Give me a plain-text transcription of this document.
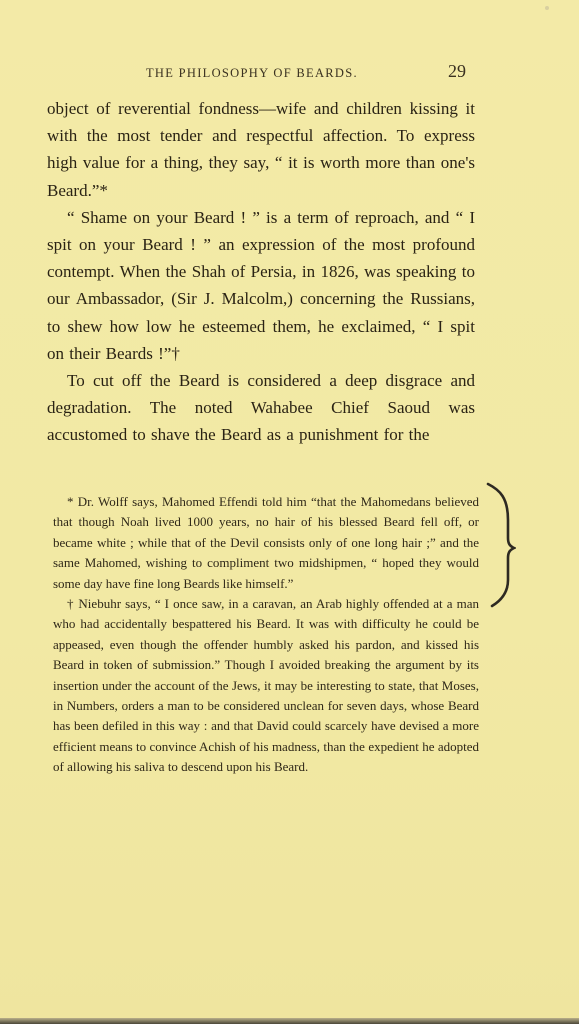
THE PHILOSOPHY OF BEARDS.	29

object of reverential fondness—wife and children kissing it with the most tender and respectful affection. To express high value for a thing, they say, “ it is worth more than one's Beard.”*

“ Shame on your Beard ! ” is a term of reproach, and “ I spit on your Beard ! ” an expression of the most profound contempt. When the Shah of Persia, in 1826, was speaking to our Ambassador, (Sir J. Malcolm,) concerning the Russians, to shew how low he esteemed them, he exclaimed, “ I spit on their Beards !”†

To cut off the Beard is considered a deep disgrace and degradation. The noted Wahabee Chief Saoud was accustomed to shave the Beard as a punishment for the

* Dr. Wolff says, Mahomed Effendi told him “that the Mahomedans believed that though Noah lived 1000 years, no hair of his blessed Beard fell off, or became white ; while that of the Devil consists only of one long hair ;” and the same Mahomed, wishing to compliment two midshipmen, “ hoped they would some day have fine long Beards like himself.”

† Niebuhr says, “ I once saw, in a caravan, an Arab highly offended at a man who had accidentally bespattered his Beard. It was with difficulty he could be appeased, even though the offender humbly asked his pardon, and kissed his Beard in token of submission.” Though I avoided breaking the argument by its insertion under the account of the Jews, it may be interesting to state, that Moses, in Numbers, orders a man to be considered unclean for seven days, whose Beard has been defiled in this way : and that David could scarcely have devised a more efficient means to convince Achish of his madness, than the expedient he adopted of allowing his saliva to descend upon his Beard.
